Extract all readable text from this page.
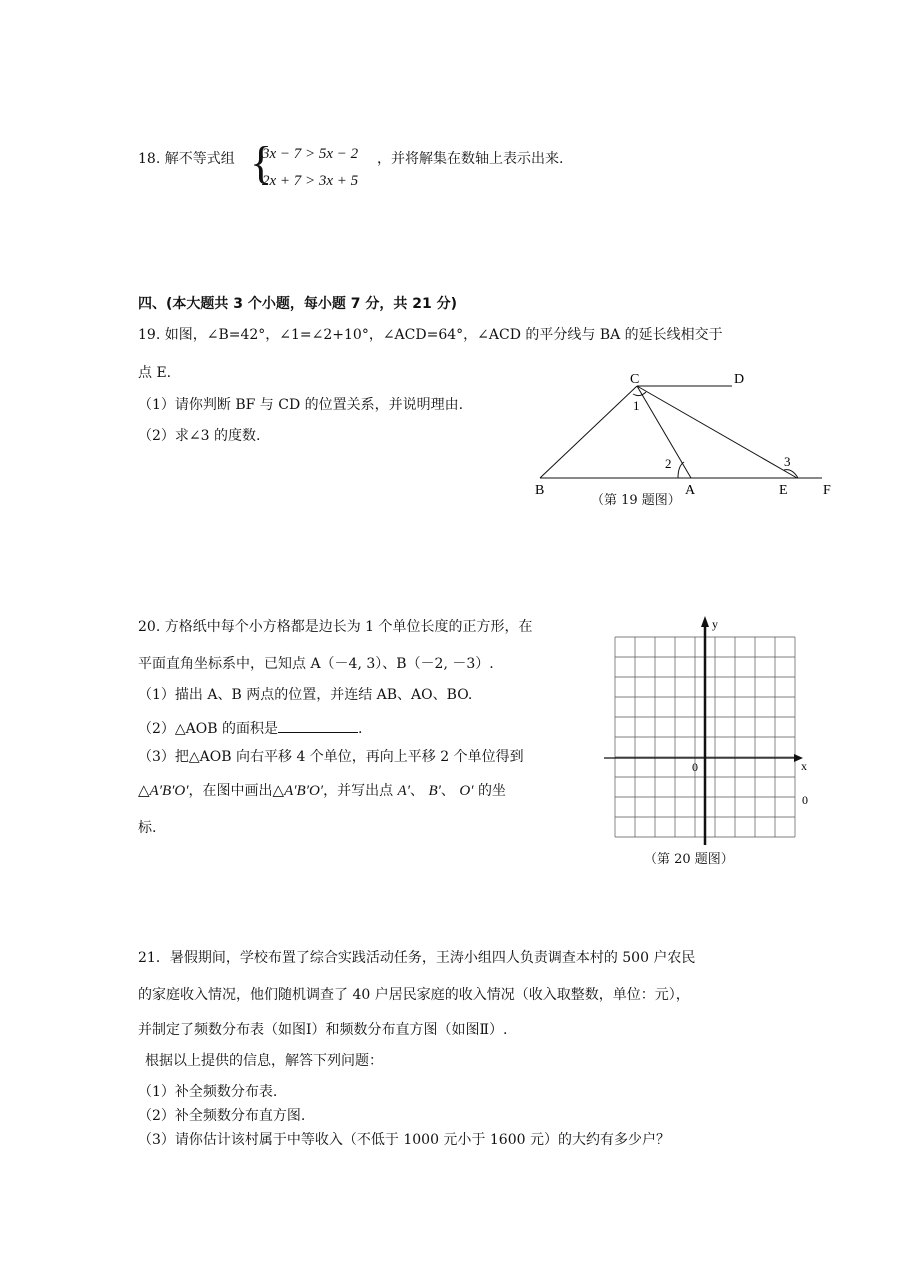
18. 解不等式组 {
3x − 7 > 5x − 2
2x + 7 > 3x + 5
，并将解集在数轴上表示出来.
四、(本大题共 3 个小题，每小题 7 分，共 21 分)
19. 如图，∠B=42°，∠1=∠2+10°，∠ACD=64°，∠ACD 的平分线与 BA 的延长线相交于
点 E.
（1）请你判断 BF 与 CD 的位置关系，并说明理由.
（2）求∠3 的度数.
C	D
B	A	E	F
1
2	3
（第 19 题图）
20. 方格纸中每个小方格都是边长为 1 个单位长度的正方形，在
平面直角坐标系中，已知点 A（－4, 3）、B（－2, －3）.
（1）描出 A、B 两点的位置，并连结 AB、AO、BO.
（2）△AOB 的面积是	.
（3）把△AOB 向右平移 4 个单位，再向上平移 2 个单位得到
△A′B′O′，在图中画出△A′B′O′，并写出点 A′、 B′、 O′ 的坐
标.
y
x
0
0
（第 20 题图）
21．暑假期间，学校布置了综合实践活动任务，王涛小组四人负责调查本村的 500 户农民
的家庭收入情况，他们随机调查了 40 户居民家庭的收入情况（收入取整数，单位：元），
并制定了频数分布表（如图Ⅰ）和频数分布直方图（如图Ⅱ）.
根据以上提供的信息，解答下列问题：
（1）补全频数分布表.
（2）补全频数分布直方图.
（3）请你估计该村属于中等收入（不低于 1000 元小于 1600 元）的大约有多少户？
